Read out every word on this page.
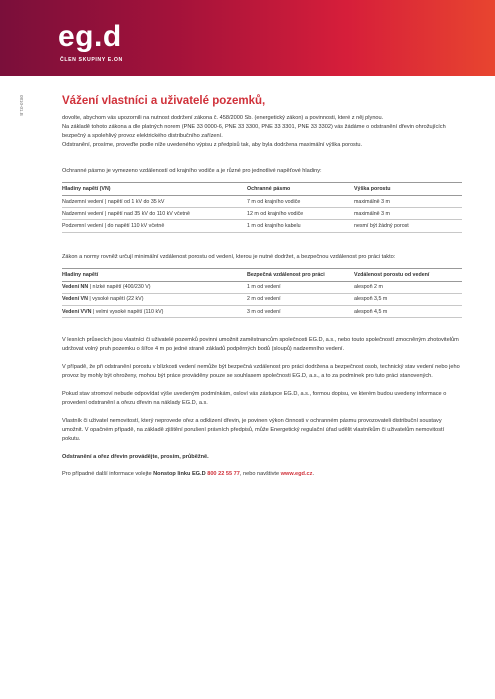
eg.d
ČLEN SKUPINY E.ON
0810-01.B	Vážení vlastníci a uživatelé pozemků,

dovolte, abychom vás upozornili na nutnost dodržení zákona č. 458/2000 Sb. (energetický zákon) a povinnosti, které z něj plynou.

Na základě tohoto zákona a dle platných norem (PNE 33 0000-6, PNE 33 3300, PNE 33 3301, PNE 33 3302) vás žádáme o odstranění dřevin ohrožujících bezpečný a spolehlivý provoz elektrického distribučního zařízení.

Odstranění, prosíme, proveďte podle níže uvedeného výpisu z předpisů tak, aby byla dodržena maximální výška porostu.

Ochranné pásmo je vymezeno vzdáleností od krajního vodiče a je různé pro jednotlivé napěťové hladiny:

Hladiny napětí (VN)	Ochranné pásmo	Výška porostu
Nadzemní vedení | napětí od 1 kV do 35 kV	7 m od krajního vodiče	maximálně 3 m
Nadzemní vedení | napětí nad 35 kV do 110 kV včetně	12 m od krajního vodiče	maximálně 3 m
Podzemní vedení | do napětí 110 kV včetně	1 m od krajního kabelu	nesmí být žádný porost

Zákon a normy rovněž určují minimální vzdálenost porostu od vedení, kterou je nutné dodržet, a bezpečnou vzdálenost pro práci takto:

Hladiny napětí	Bezpečná vzdálenost pro práci	Vzdálenost porostu od vedení
Vedení NN | nízké napětí (400/230 V)	1 m od vedení	alespoň 2 m
Vedení VN | vysoké napětí (22 kV)	2 m od vedení	alespoň 3,5 m
Vedení VVN | velmi vysoké napětí (110 kV)	3 m od vedení	alespoň 4,5 m

V lesních průsecích jsou vlastníci či uživatelé pozemků povinni umožnit zaměstnancům společnosti EG.D, a.s., nebo touto společností zmocněným zhotovitelům udržovat volný pruh pozemku o šířce 4 m po jedné straně základů podpěrných bodů (sloupů) nadzemního vedení.

V případě, že při odstranění porostu v blízkosti vedení nemůže být bezpečná vzdálenost pro práci dodržena a bezpečnost osob, technický stav vedení nebo jeho provoz by mohly být ohroženy, mohou být práce prováděny pouze se souhlasem společnosti EG.D, a.s., a to za podmínek pro tuto práci stanovených.

Pokud stav stromoví nebude odpovídat výše uvedeným podmínkám, osloví vás zástupce EG.D, a.s., formou dopisu, ve kterém budou uvedeny informace o provedení odstranění a ořezu dřevin na náklady EG.D, a.s.

Vlastník či uživatel nemovitostí, který neprovede ořez a odklizení dřevin, je povinen výkon činnosti v ochranném pásmu provozovateli distribuční soustavy umožnit. V opačném případě, na základě zjištění porušení právních předpisů, může Energetický regulační úřad udělit vlastníkům či uživatelům nemovitostí pokutu.

Odstranění a ořez dřevin provádějte, prosím, průběžně.

Pro případné další informace volejte Nonstop linku EG.D 800 22 55 77, nebo navštivte www.egd.cz.
